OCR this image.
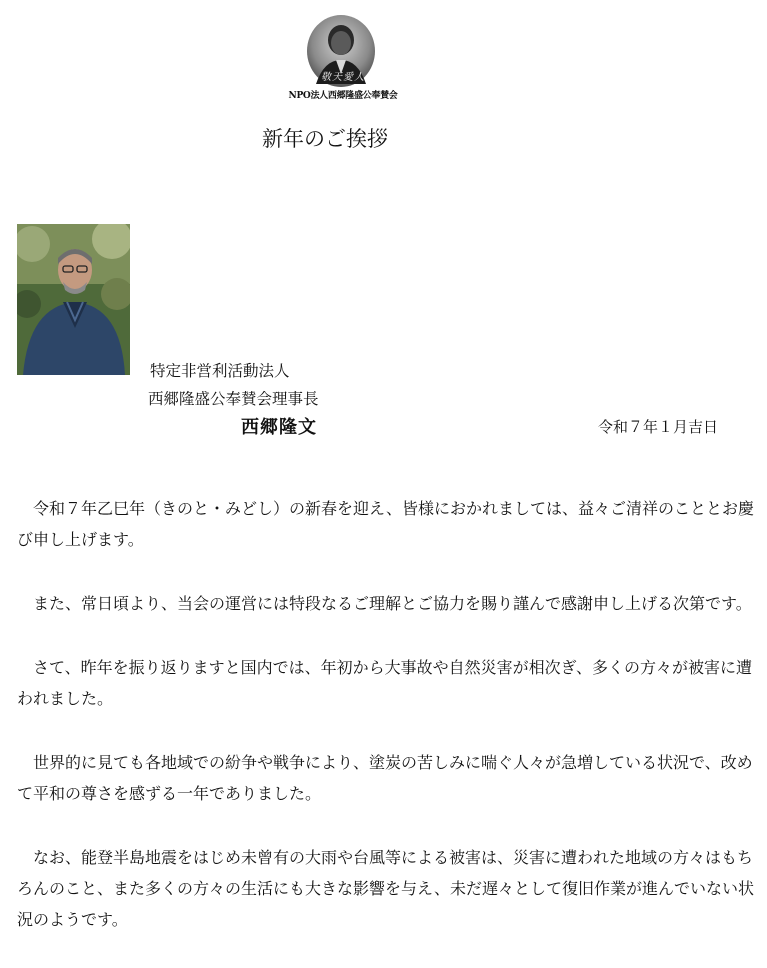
敬天愛人
NPO法人西郷隆盛公奉賛会
新年のご挨拶
特定非営利活動法人
西郷隆盛公奉賛会理事長
西郷隆文	令和７年１月吉日

令和７年乙巳年（きのと・みどし）の新春を迎え、皆様におかれましては、益々ご清祥のこととお慶び申し上げます。

また、常日頃より、当会の運営には特段なるご理解とご協力を賜り謹んで感謝申し上げる次第です。

さて、昨年を振り返りますと国内では、年初から大事故や自然災害が相次ぎ、多くの方々が被害に遭われました。

世界的に見ても各地域での紛争や戦争により、塗炭の苦しみに喘ぐ人々が急増している状況で、改めて平和の尊さを感ずる一年でありました。

なお、能登半島地震をはじめ未曾有の大雨や台風等による被害は、災害に遭われた地域の方々はもちろんのこと、また多くの方々の生活にも大きな影響を与え、未だ遅々として復旧作業が進んでいない状況のようです。
